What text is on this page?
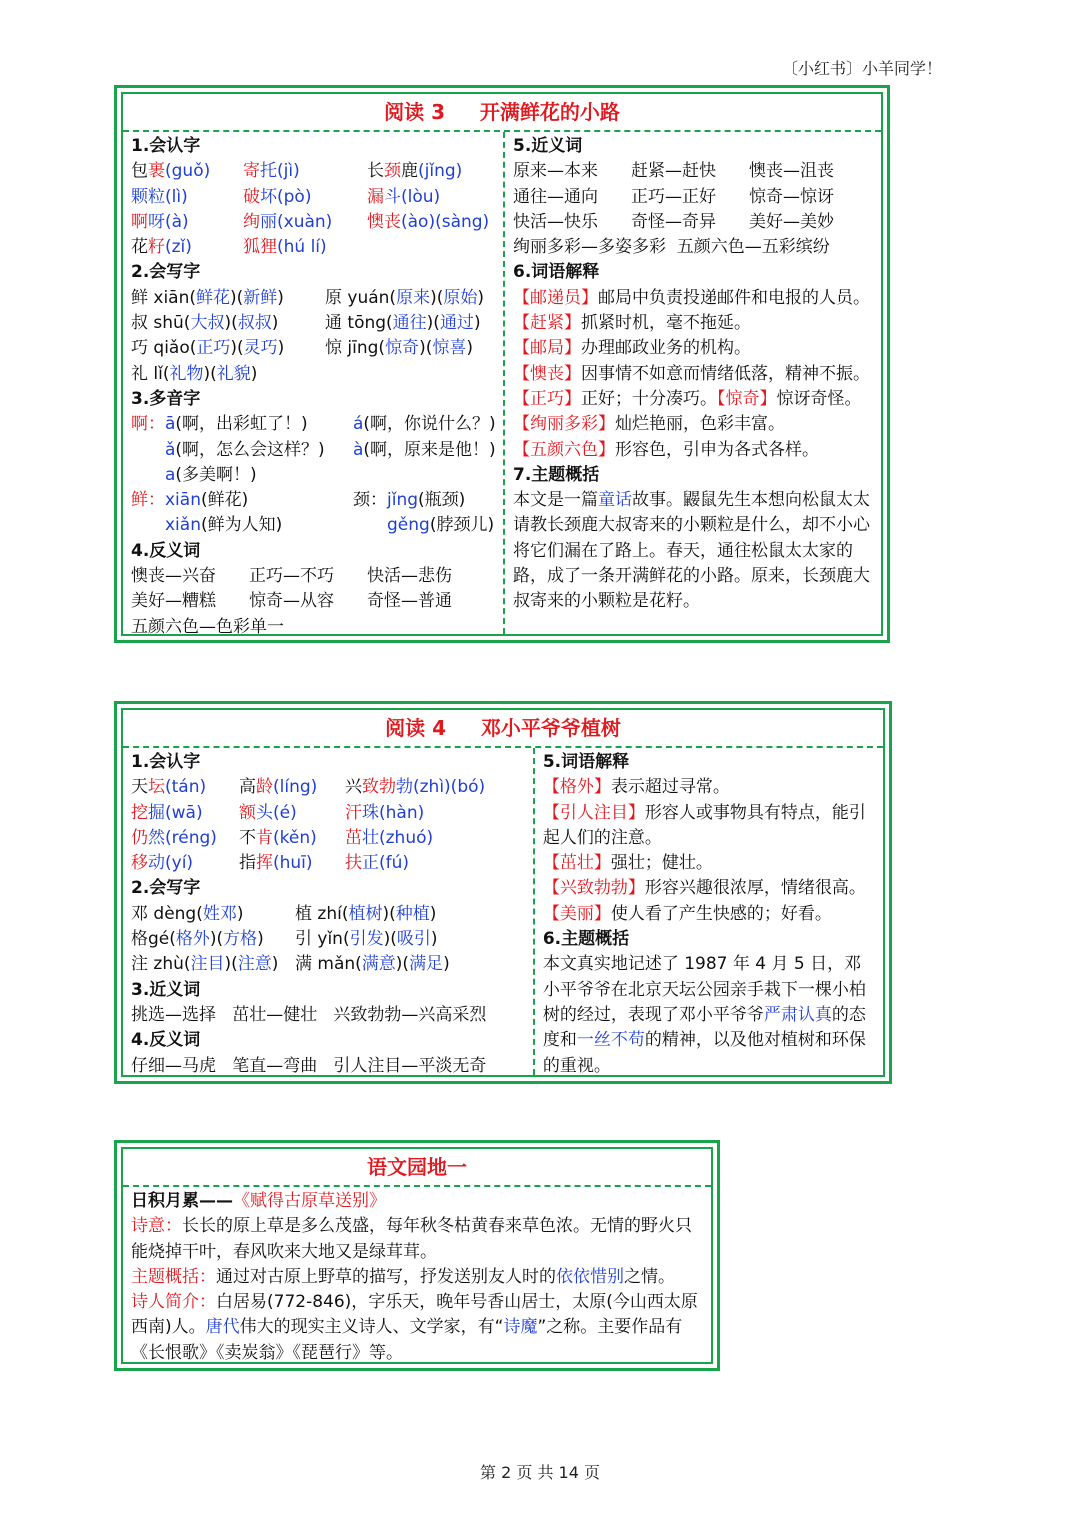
〔小红书〕小羊同学！
阅读 3     开满鲜花的小路
1.会认字
包裹(guǒ)	寄托(jì)	长颈鹿(jǐng)
颗粒(lì)	破坏(pò)	漏斗(lòu)
啊呀(à)	绚丽(xuàn)	懊丧(ào)(sàng)
花籽(zǐ)	狐狸(hú lí)
2.会写字
鲜 xiān(鲜花)(新鲜)	原 yuán(原来)(原始)
叔 shū(大叔)(叔叔)	通 tōng(通往)(通过)
巧 qiǎo(正巧)(灵巧)	惊 jīng(惊奇)(惊喜)
礼 lǐ(礼物)(礼貌)
3.多音字
啊：ā(啊，出彩虹了！)	á(啊，你说什么？)
ǎ(啊，怎么会这样？)	à(啊，原来是他！)
a(多美啊！)
鲜：xiān(鲜花)	颈：jǐng(瓶颈)
xiǎn(鲜为人知)	gěng(脖颈儿)
4.反义词
懊丧—兴奋	正巧—不巧	快活—悲伤
美好—糟糕	惊奇—从容	奇怪—普通
五颜六色—色彩单一
5.近义词
原来—本来	赶紧—赶快	懊丧—沮丧
通往—通向	正巧—正好	惊奇—惊讶
快活—快乐	奇怪—奇异	美好—美妙
绚丽多彩—多姿多彩  五颜六色—五彩缤纷
6.词语解释
【邮递员】邮局中负责投递邮件和电报的人员。
【赶紧】抓紧时机，毫不拖延。
【邮局】办理邮政业务的机构。
【懊丧】因事情不如意而情绪低落，精神不振。
【正巧】正好；十分凑巧。【惊奇】惊讶奇怪。
【绚丽多彩】灿烂艳丽，色彩丰富。
【五颜六色】形容色，引申为各式各样。
7.主题概括
本文是一篇童话故事。鼹鼠先生本想向松鼠太太请教长颈鹿大叔寄来的小颗粒是什么，却不小心将它们漏在了路上。春天，通往松鼠太太家的路，成了一条开满鲜花的小路。原来，长颈鹿大叔寄来的小颗粒是花籽。
阅读 4     邓小平爷爷植树
1.会认字
天坛(tán)	高龄(líng)	兴致勃勃(zhì)(bó)
挖掘(wā)	额头(é)	汗珠(hàn)
仍然(réng)	不肯(kěn)	茁壮(zhuó)
移动(yí)	指挥(huī)	扶正(fú)
2.会写字
邓 dèng(姓邓)	植 zhí(植树)(种植)
格gé(格外)(方格)	引 yǐn(引发)(吸引)
注 zhù(注目)(注意) 满 mǎn(满意)(满足)
3.近义词
挑选—选择   茁壮—健壮   兴致勃勃—兴高采烈
4.反义词
仔细—马虎   笔直—弯曲   引人注目—平淡无奇
5.词语解释
【格外】表示超过寻常。
【引人注目】形容人或事物具有特点，能引起人们的注意。
【茁壮】强壮；健壮。
【兴致勃勃】形容兴趣很浓厚，情绪很高。
【美丽】使人看了产生快感的；好看。
6.主题概括
本文真实地记述了 1987 年 4 月 5 日，邓小平爷爷在北京天坛公园亲手栽下一棵小柏树的经过，表现了邓小平爷爷严肃认真的态度和一丝不苟的精神，以及他对植树和环保的重视。
语文园地一
日积月累——《赋得古原草送别》
诗意：长长的原上草是多么茂盛，每年秋冬枯黄春来草色浓。无情的野火只能烧掉干叶，春风吹来大地又是绿茸茸。
主题概括：通过对古原上野草的描写，抒发送别友人时的依依惜别之情。
诗人简介：白居易(772-846)，字乐天，晚年号香山居士，太原(今山西太原西南)人。唐代伟大的现实主义诗人、文学家，有“诗魔”之称。主要作品有《长恨歌》《卖炭翁》《琵琶行》等。
第 2 页 共 14 页
